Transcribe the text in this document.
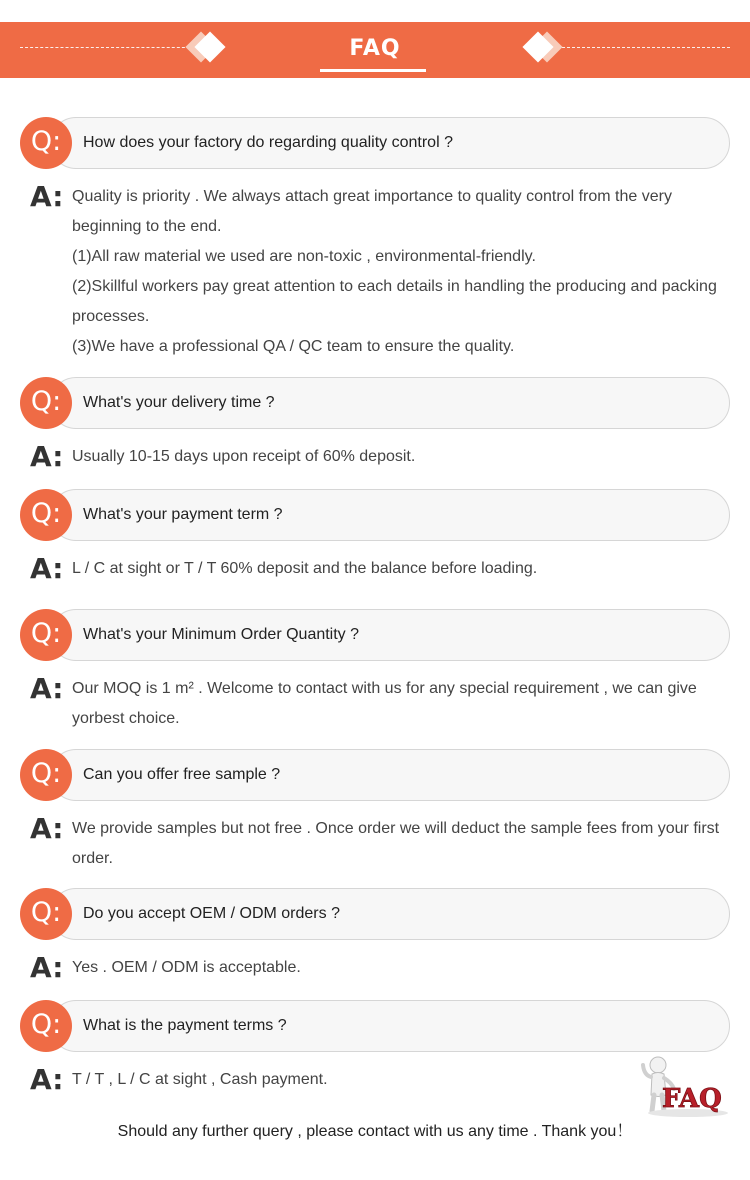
FAQ
Q:	How does your factory do regarding quality control ?
A: Quality is priority . We always attach great importance to quality control from the very
beginning to the end.
(1)All raw material we used are non-toxic , environmental-friendly.
(2)Skillful workers pay great attention to each details in handling the producing and packing
processes.
(3)We have a professional QA / QC team to ensure the quality.
Q:	What's your delivery time ?
A: Usually 10-15 days upon receipt of 60% deposit.
Q:	What's your payment term ?
A: L / C at sight or T / T 60% deposit and the balance before loading.
Q:	What's your Minimum Order Quantity ?
A: Our MOQ is 1 m² . Welcome to contact with us for any special requirement , we can give
yorbest choice.
Q:	Can you offer free sample ?
A: We provide samples but not free . Once order we will deduct the sample fees from your first
order.
Q:	Do you accept OEM / ODM orders ?
A: Yes . OEM / ODM is acceptable.
Q:	What is the payment terms ?
A: T / T , L / C at sight , Cash payment.
FAQ
Should any further query , please contact with us any time . Thank you！
